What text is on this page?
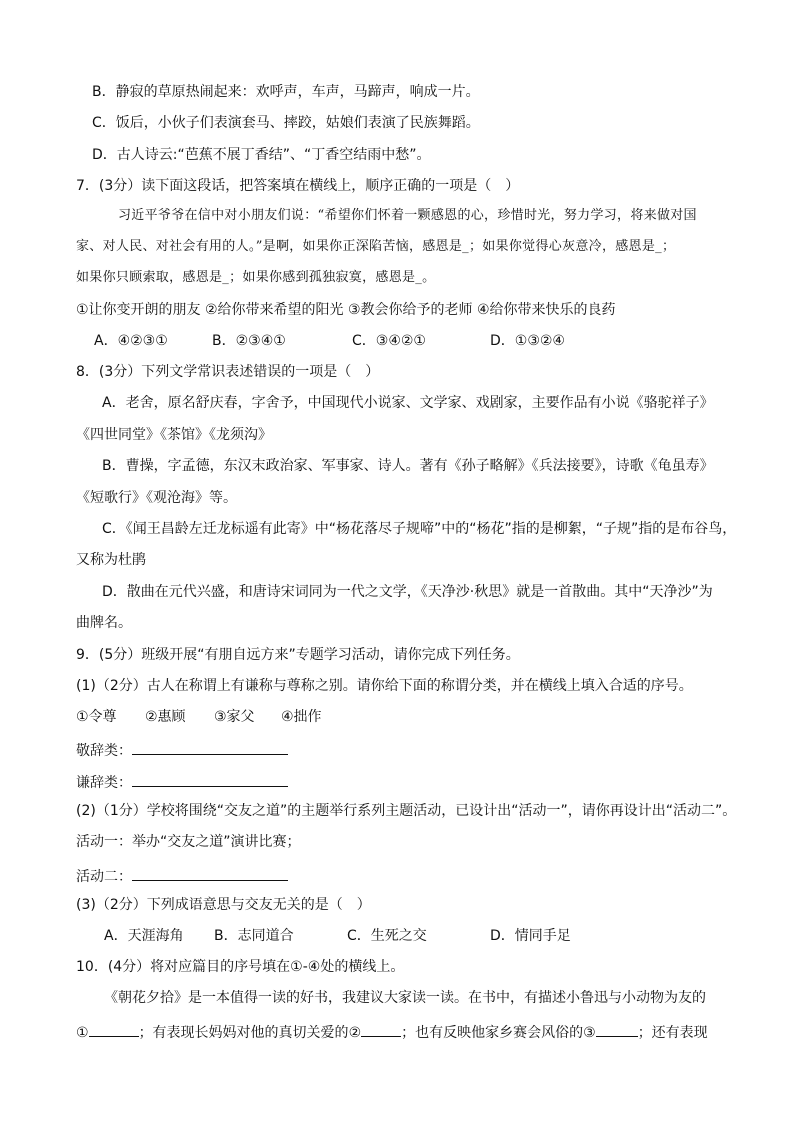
B．静寂的草原热闹起来：欢呼声，车声，马蹄声，响成一片。
C．饭后，小伙子们表演套马、摔跤，姑娘们表演了民族舞蹈。
D．古人诗云:“芭蕉不展丁香结”、“丁香空结雨中愁”。
7．(3分）读下面这段话，把答案填在横线上，顺序正确的一项是（　）
习近平爷爷在信中对小朋友们说：“希望你们怀着一颗感恩的心，珍惜时光，努力学习，将来做对国
家、对人民、对社会有用的人。”是啊，如果你正深陷苦恼，感恩是_；如果你觉得心灰意冷，感恩是_；
如果你只顾索取，感恩是_；如果你感到孤独寂寞，感恩是_。
①让你变开朗的朋友 ②给你带来希望的阳光 ③教会你给予的老师 ④给你带来快乐的良药
A．④②③①	B．②③④①	C．③④②①	D．①③②④
8．(3分）下列文学常识表述错误的一项是（　）
A．老舍，原名舒庆春，字舍予，中国现代小说家、文学家、戏剧家，主要作品有小说《骆驼祥子》
《四世同堂》《茶馆》《龙须沟》
B．曹操，字孟德，东汉末政治家、军事家、诗人。著有《孙子略解》《兵法接要》，诗歌《龟虽寿》
《短歌行》《观沧海》等。
C．《闻王昌龄左迁龙标遥有此寄》中“杨花落尽子规啼”中的“杨花”指的是柳絮，“子规”指的是布谷鸟，
又称为杜鹃
D．散曲在元代兴盛，和唐诗宋词同为一代之文学，《天净沙·秋思》就是一首散曲。其中“天净沙”为
曲牌名。
9．(5分）班级开展“有朋自远方来”专题学习活动，请你完成下列任务。
(1)（2分）古人在称谓上有谦称与尊称之别。请你给下面的称谓分类，并在横线上填入合适的序号。
①令尊 ②惠顾 ③家父 ④拙作
敬辞类：
谦辞类：
(2)（1分）学校将围绕“交友之道”的主题举行系列主题活动，已设计出“活动一”，请你再设计出“活动二”。
活动一：举办“交友之道”演讲比赛；
活动二：
(3)（2分）下列成语意思与交友无关的是（　）
A．天涯海角 B．志同道合	C．生死之交	D．情同手足
10．(4分）将对应篇目的序号填在①-④处的横线上。
《朝花夕拾》是一本值得一读的好书，我建议大家读一读。在书中，有描述小鲁迅与小动物为友的
①	；有表现长妈妈对他的真切关爱的②	；也有反映他家乡赛会风俗的③	；还有表现
